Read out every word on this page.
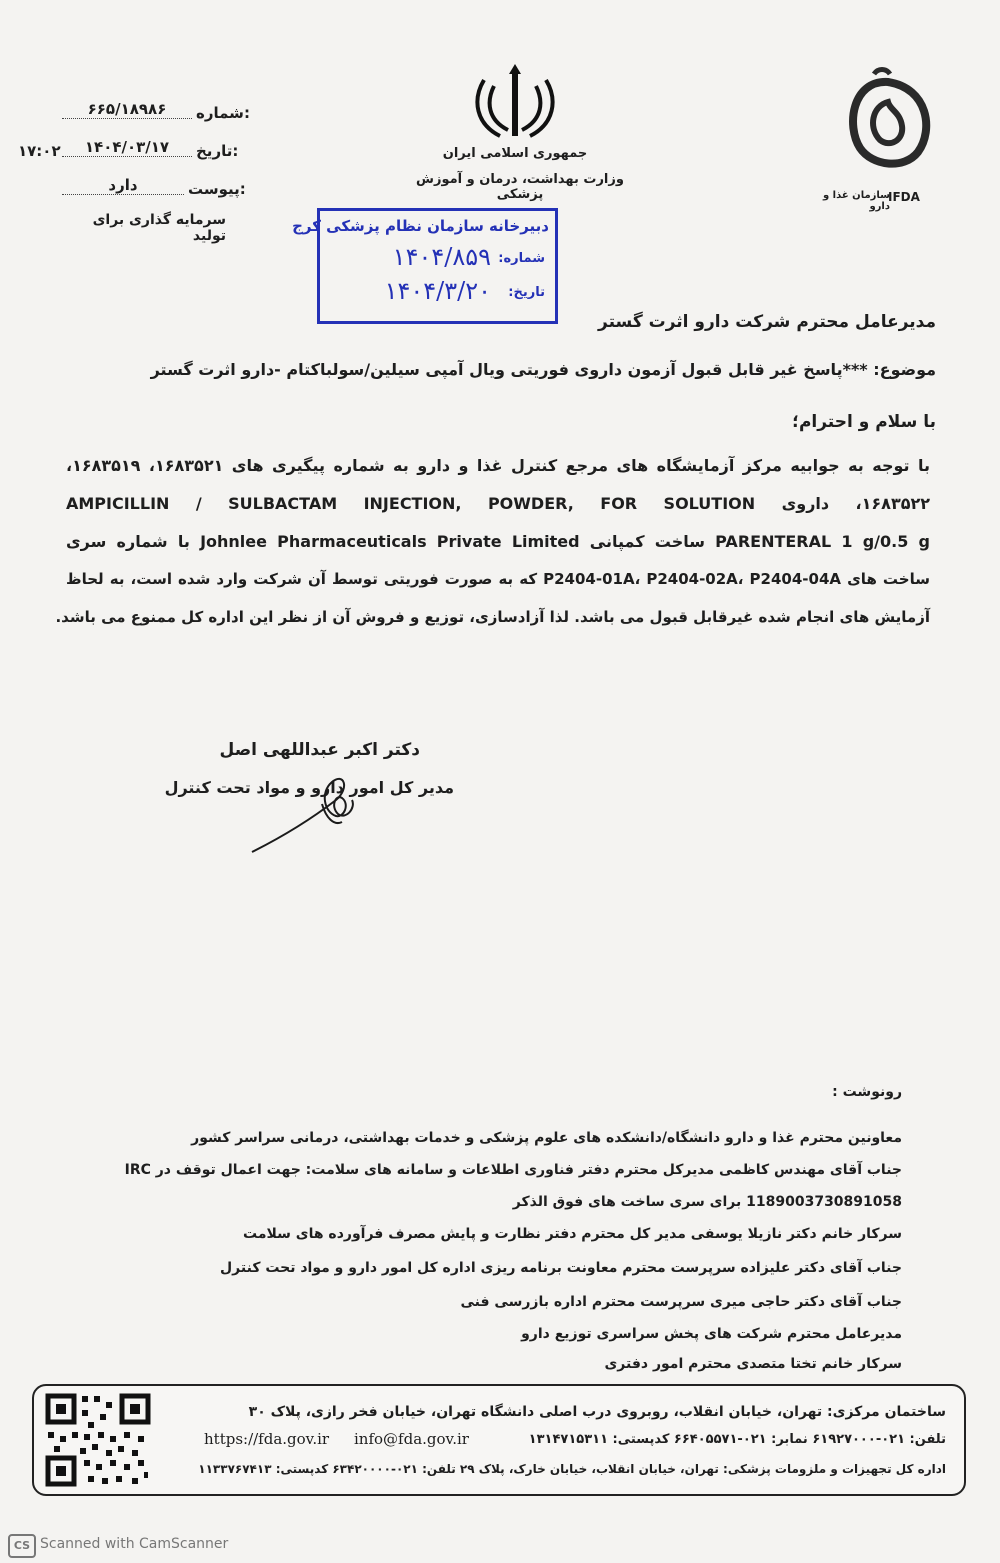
جمهوری اسلامی ایران
وزارت بهداشت، درمان و آموزش پزشکی	سازمان غذا و دارو
IFDA
شماره:
۶۶۵/۱۸۹۸۶
تاریخ:
۱۴۰۴/۰۳/۱۷
۱۷:۰۲
پیوست:
دارد
سرمایه گذاری برای تولید
دبیرخانه سازمان نظام پزشکی کرج
شماره:
۱۴۰۴/۸۵۹
تاریخ:
۱۴۰۴/۳/۲۰
مدیرعامل محترم شرکت دارو اثرت گستر
موضوع: ***پاسخ غیر قابل قبول آزمون داروی فوریتی ویال آمپی سیلین/سولباکتام -دارو اثرت گستر
با سلام و احترام؛
با توجه به جوابیه مرکز آزمایشگاه های مرجع کنترل غذا و دارو به شماره پیگیری های ۱۶۸۳۵۲۱، ۱۶۸۳۵۱۹،
۱۶۸۳۵۲۲، داروی AMPICILLIN / SULBACTAM INJECTION, POWDER, FOR SOLUTION
PARENTERAL 1 g/0.5 g ساخت کمپانی Johnlee Pharmaceuticals Private Limited با شماره سری
ساخت های P2404-01A، P2404-02A، P2404-04A که به صورت فوریتی توسط آن شرکت وارد شده است، به لحاظ
آزمایش های انجام شده غیرقابل قبول می باشد. لذا آزادسازی، توزیع و فروش آن از نظر این اداره کل ممنوع می باشد.
دکتر اکبر عبداللهی اصل
مدیر کل امور دارو و مواد تحت کنترل
رونوشت :
معاونین محترم غذا و دارو دانشگاه/دانشکده های علوم پزشکی و خدمات بهداشتی، درمانی سراسر کشور
جناب آقای مهندس کاظمی مدیرکل محترم دفتر فناوری اطلاعات و سامانه های سلامت: جهت اعمال توقف در IRC
1189003730891058 برای سری ساخت های فوق الذکر
سرکار خانم دکتر نازیلا یوسفی مدیر کل محترم دفتر نظارت و پایش مصرف فرآورده های سلامت
جناب آقای دکتر علیزاده سرپرست محترم معاونت برنامه ریزی اداره کل امور دارو و مواد تحت کنترل
جناب آقای دکتر حاجی میری سرپرست محترم اداره بازرسی فنی
مدیرعامل محترم شرکت های پخش سراسری توزیع دارو
سرکار خانم تختا متصدی محترم امور دفتری
ساختمان مرکزی: تهران، خیابان انقلاب، روبروی درب اصلی دانشگاه تهران، خیابان فخر رازی، پلاک ۳۰
تلفن: ۰۲۱-۶۱۹۲۷۰۰۰ نمابر: ۰۲۱-۶۶۴۰۵۵۷۱ کدپستی: ۱۳۱۴۷۱۵۳۱۱
info@fda.gov.ir
https://fda.gov.ir
اداره کل تجهیزات و ملزومات پزشکی: تهران، خیابان انقلاب، خیابان خارک، پلاک ۲۹ تلفن: ۰۲۱-۶۳۴۲۰۰۰۰ کدپستی: ۱۱۳۳۷۶۷۴۱۳
CS Scanned with CamScanner
